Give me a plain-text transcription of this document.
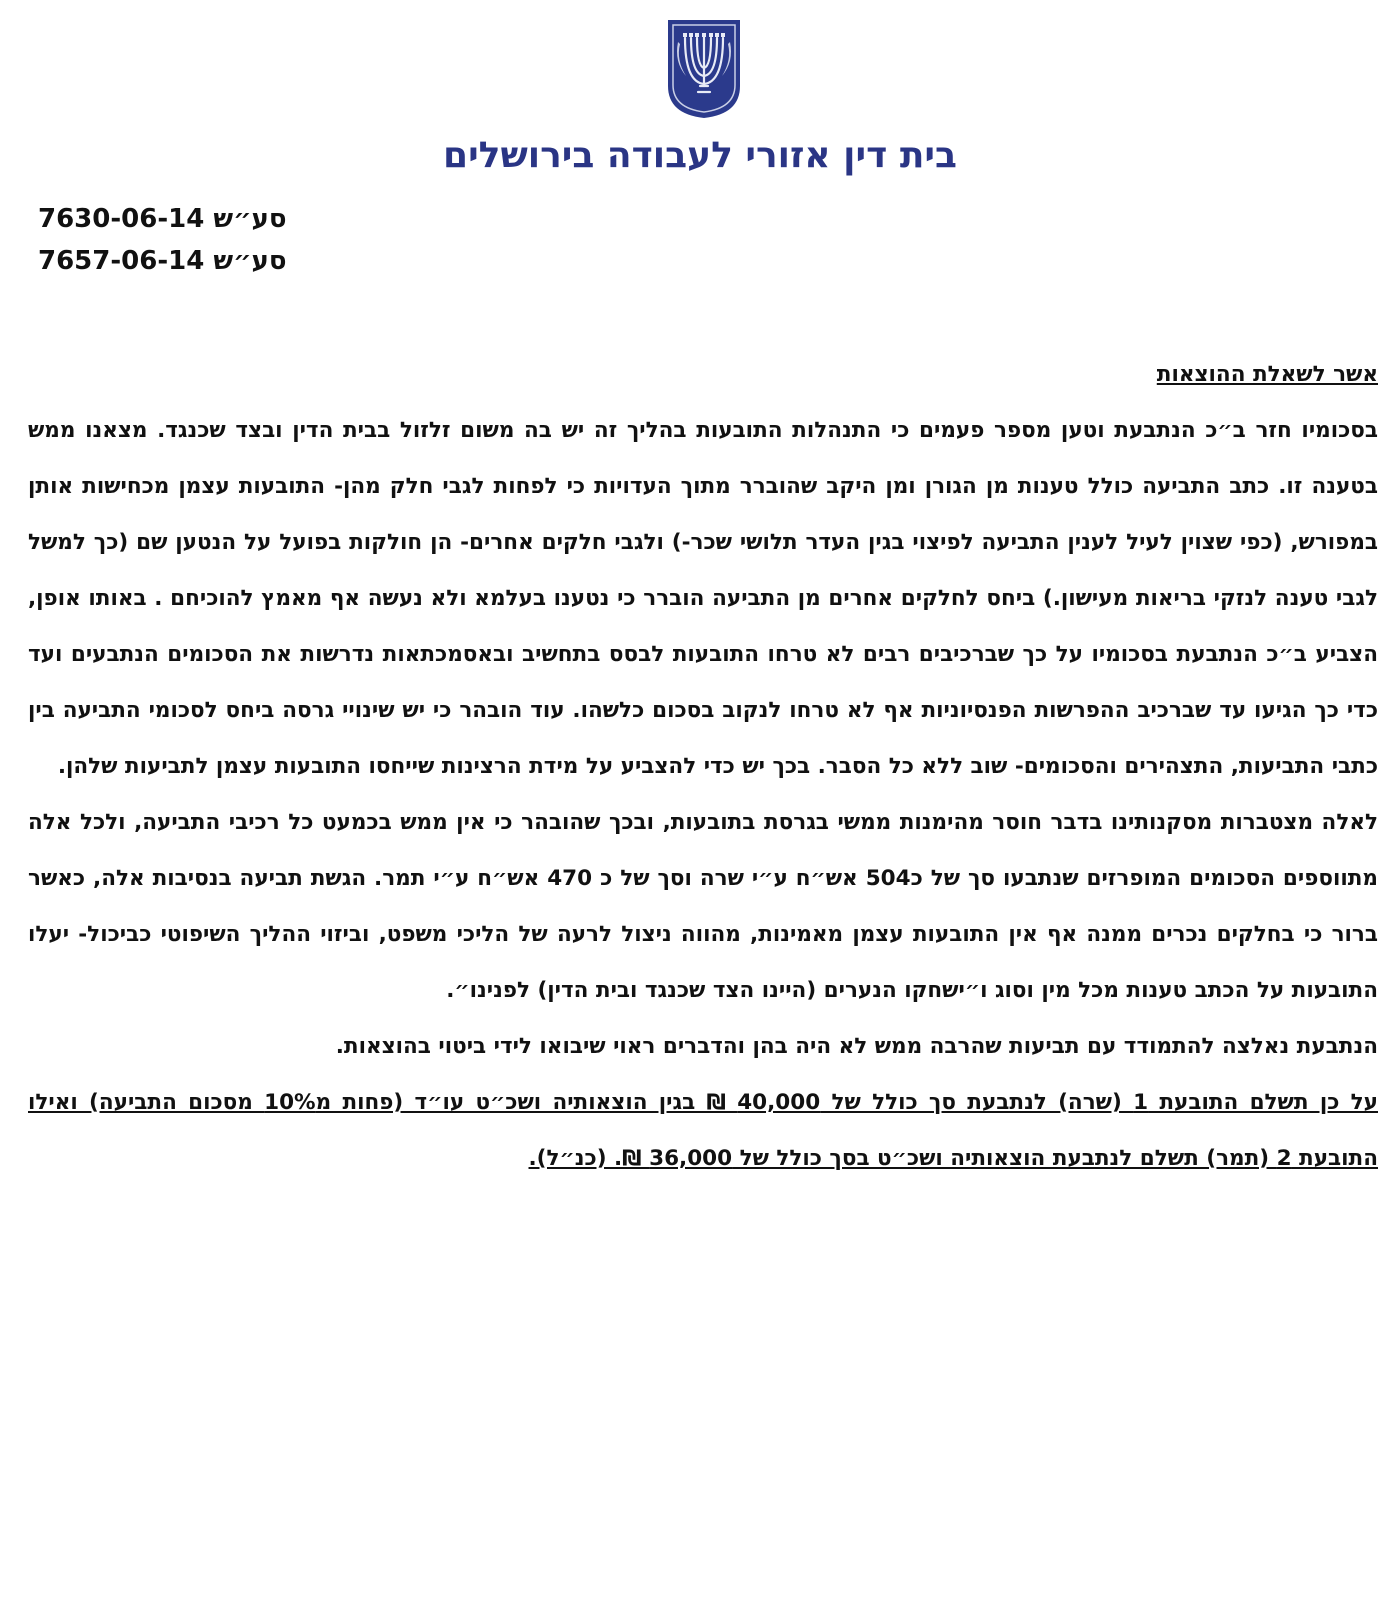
בית דין אזורי לעבודה בירושלים
סע״ש 7630-06-14
סע״ש 7657-06-14

אשר לשאלת ההוצאות

בסכומיו חזר ב״כ הנתבעת וטען מספר פעמים כי התנהלות התובעות בהליך זה יש בה משום זלזול בבית הדין ובצד שכנגד. מצאנו ממש בטענה זו. כתב התביעה כולל טענות מן הגורן ומן היקב שהוברר מתוך העדויות כי לפחות לגבי חלק מהן- התובעות עצמן מכחישות אותן במפורש, (כפי שצוין לעיל לענין התביעה לפיצוי בגין העדר תלושי שכר-) ולגבי חלקים אחרים- הן חולקות בפועל על הנטען שם (כך למשל לגבי טענה לנזקי בריאות מעישון.) ביחס לחלקים אחרים מן התביעה הוברר כי נטענו בעלמא ולא נעשה אף מאמץ להוכיחם . באותו אופן, הצביע ב״כ הנתבעת בסכומיו על כך שברכיבים רבים לא טרחו התובעות לבסס בתחשיב ובאסמכתאות נדרשות את הסכומים הנתבעים ועד כדי כך הגיעו עד שברכיב ההפרשות הפנסיוניות אף לא טרחו לנקוב בסכום כלשהו. עוד הובהר כי יש שינויי גרסה ביחס לסכומי התביעה בין כתבי התביעות, התצהירים והסכומים- שוב ללא כל הסבר. בכך יש כדי להצביע על מידת הרצינות שייחסו התובעות עצמן לתביעות שלהן.

לאלה מצטברות מסקנותינו בדבר חוסר מהימנות ממשי בגרסת בתובעות, ובכך שהובהר כי אין ממש בכמעט כל רכיבי התביעה, ולכל אלה מתווספים הסכומים המופרזים שנתבעו סך של כ504 אש״ח ע״י שרה וסך של כ 470 אש״ח ע״י תמר. הגשת תביעה בנסיבות אלה, כאשר ברור כי בחלקים נכרים ממנה אף אין התובעות עצמן מאמינות, מהווה ניצול לרעה של הליכי משפט, וביזוי ההליך השיפוטי כביכול- יעלו התובעות על הכתב טענות מכל מין וסוג ו״ישחקו הנערים (היינו הצד שכנגד ובית הדין) לפנינו״.

הנתבעת נאלצה להתמודד עם תביעות שהרבה ממש לא היה בהן והדברים ראוי שיבואו לידי ביטוי בהוצאות.

על כן תשלם התובעת 1 (שרה) לנתבעת סך כולל של 40,000 ₪ בגין הוצאותיה ושכ״ט עו״ד (פחות מ10% מסכום התביעה) ואילו התובעת 2 (תמר) תשלם לנתבעת הוצאותיה ושכ״ט בסך כולל של 36,000 ₪. (כנ״ל).
